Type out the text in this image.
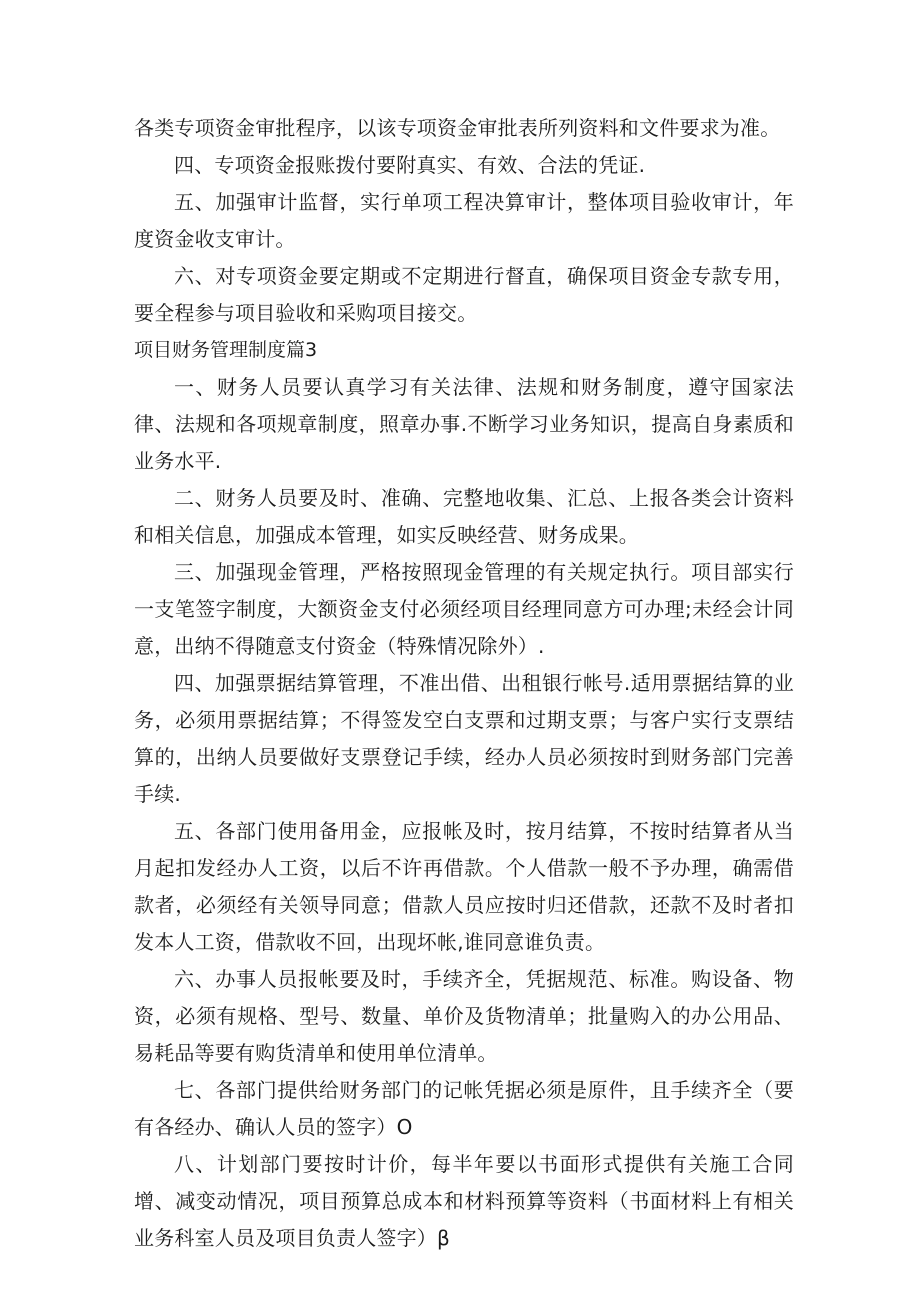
各类专项资金审批程序，以该专项资金审批表所列资料和文件要求为准。

四、专项资金报账拨付要附真实、有效、合法的凭证.

五、加强审计监督，实行单项工程决算审计，整体项目验收审计，年度资金收支审计。

六、对专项资金要定期或不定期进行督直，确保项目资金专款专用，要全程参与项目验收和采购项目接交。

项目财务管理制度篇3

一、财务人员要认真学习有关法律、法规和财务制度，遵守国家法律、法规和各项规章制度，照章办事.不断学习业务知识，提高自身素质和业务水平.

二、财务人员要及时、准确、完整地收集、汇总、上报各类会计资料和相关信息，加强成本管理，如实反映经营、财务成果。

三、加强现金管理，严格按照现金管理的有关规定执行。项目部实行一支笔签字制度，大额资金支付必须经项目经理同意方可办理;未经会计同意，出纳不得随意支付资金（特殊情况除外）.

四、加强票据结算管理，不准出借、出租银行帐号.适用票据结算的业务，必须用票据结算；不得签发空白支票和过期支票；与客户实行支票结算的，出纳人员要做好支票登记手续，经办人员必须按时到财务部门完善手续.

五、各部门使用备用金，应报帐及时，按月结算，不按时结算者从当月起扣发经办人工资，以后不许再借款。个人借款一般不予办理，确需借款者，必须经有关领导同意；借款人员应按时归还借款，还款不及时者扣发本人工资，借款收不回，出现坏帐,谁同意谁负责。

六、办事人员报帐要及时，手续齐全，凭据规范、标准。购设备、物资，必须有规格、型号、数量、单价及货物清单；批量购入的办公用品、易耗品等要有购货清单和使用单位清单。

七、各部门提供给财务部门的记帐凭据必须是原件，且手续齐全（要有各经办、确认人员的签字）O

八、计划部门要按时计价，每半年要以书面形式提供有关施工合同增、减变动情况，项目预算总成本和材料预算等资料（书面材料上有相关业务科室人员及项目负责人签字）β
